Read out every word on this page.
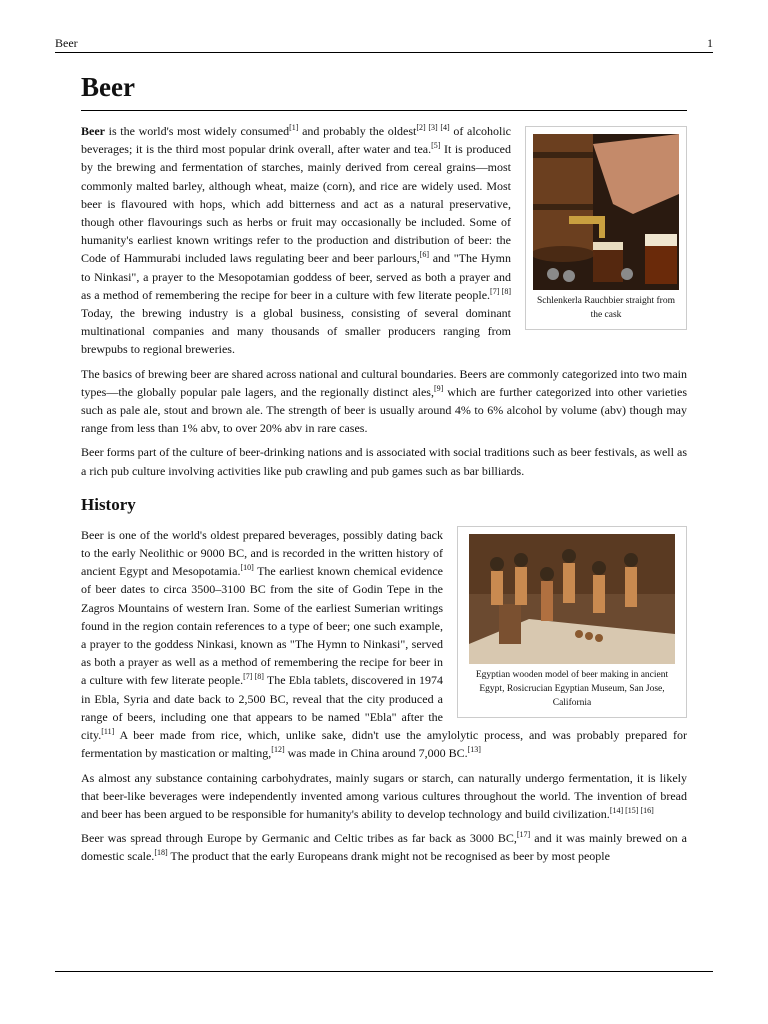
Beer	1
Beer
Schlenkerla Rauchbier straight from the cask

Beer is the world's most widely consumed[1] and probably the oldest[2] [3] [4] of alcoholic beverages; it is the third most popular drink overall, after water and tea.[5] It is produced by the brewing and fermentation of starches, mainly derived from cereal grains—most commonly malted barley, although wheat, maize (corn), and rice are widely used. Most beer is flavoured with hops, which add bitterness and act as a natural preservative, though other flavourings such as herbs or fruit may occasionally be included. Some of humanity's earliest known writings refer to the production and distribution of beer: the Code of Hammurabi included laws regulating beer and beer parlours,[6] and "The Hymn to Ninkasi", a prayer to the Mesopotamian goddess of beer, served as both a prayer and as a method of remembering the recipe for beer in a culture with few literate people.[7] [8] Today, the brewing industry is a global business, consisting of several dominant multinational companies and many thousands of smaller producers ranging from brewpubs to regional breweries.

The basics of brewing beer are shared across national and cultural boundaries. Beers are commonly categorized into two main types—the globally popular pale lagers, and the regionally distinct ales,[9] which are further categorized into other varieties such as pale ale, stout and brown ale. The strength of beer is usually around 4% to 6% alcohol by volume (abv) though may range from less than 1% abv, to over 20% abv in rare cases.

Beer forms part of the culture of beer-drinking nations and is associated with social traditions such as beer festivals, as well as a rich pub culture involving activities like pub crawling and pub games such as bar billiards.

History
Egyptian wooden model of beer making in ancient Egypt, Rosicrucian Egyptian Museum, San Jose, California

Beer is one of the world's oldest prepared beverages, possibly dating back to the early Neolithic or 9000 BC, and is recorded in the written history of ancient Egypt and Mesopotamia.[10] The earliest known chemical evidence of beer dates to circa 3500–3100 BC from the site of Godin Tepe in the Zagros Mountains of western Iran. Some of the earliest Sumerian writings found in the region contain references to a type of beer; one such example, a prayer to the goddess Ninkasi, known as "The Hymn to Ninkasi", served as both a prayer as well as a method of remembering the recipe for beer in a culture with few literate people.[7] [8] The Ebla tablets, discovered in 1974 in Ebla, Syria and date back to 2,500 BC, reveal that the city produced a range of beers, including one that appears to be named "Ebla" after the city.[11] A beer made from rice, which, unlike sake, didn't use the amylolytic process, and was probably prepared for fermentation by mastication or malting,[12] was made in China around 7,000 BC.[13]

As almost any substance containing carbohydrates, mainly sugars or starch, can naturally undergo fermentation, it is likely that beer-like beverages were independently invented among various cultures throughout the world. The invention of bread and beer has been argued to be responsible for humanity's ability to develop technology and build civilization.[14] [15] [16]

Beer was spread through Europe by Germanic and Celtic tribes as far back as 3000 BC,[17] and it was mainly brewed on a domestic scale.[18] The product that the early Europeans drank might not be recognised as beer by most people
